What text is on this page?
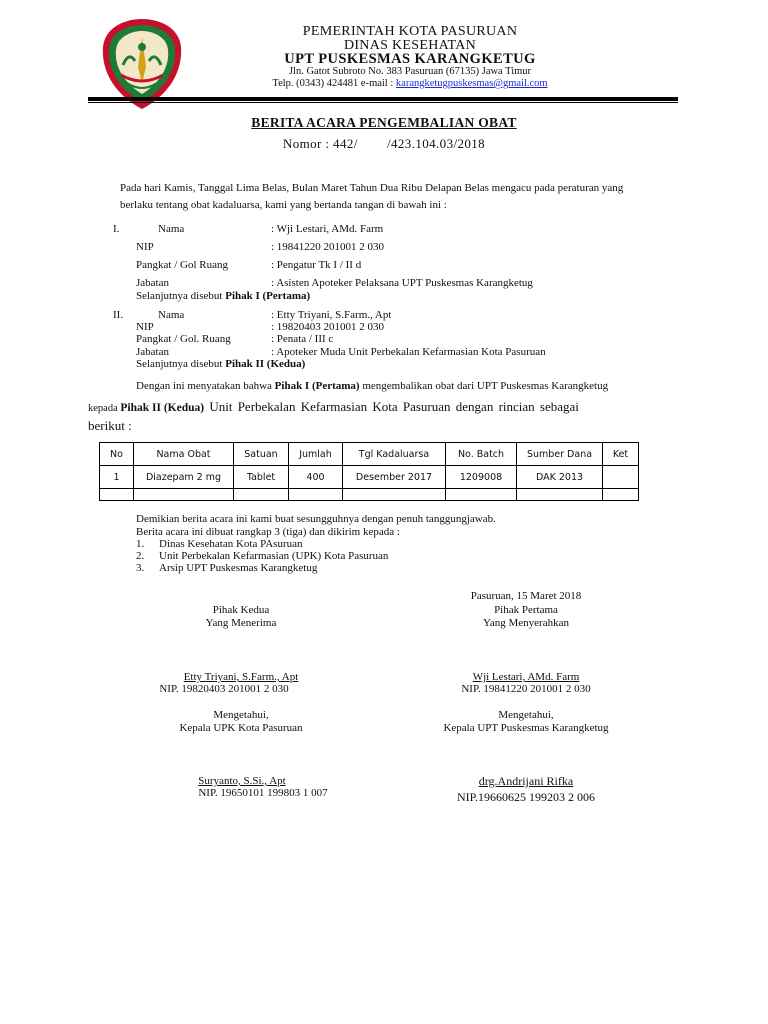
PEMERINTAH KOTA PASURUAN
DINAS KESEHATAN
UPT PUSKESMAS KARANGKETUG
Jln. Gatot Subroto No. 383 Pasuruan (67135) Jawa Timur
Telp. (0343) 424481 e-mail : karangketugpuskesmas@gmail.com
BERITA ACARA PENGEMBALIAN OBAT
Nomor : 442/        /423.104.03/2018
Pada hari Kamis, Tanggal Lima Belas, Bulan Maret Tahun Dua Ribu Delapan Belas mengacu pada peraturan yang
berlaku tentang obat kadaluarsa, kami yang bertanda tangan di bawah ini :
I.	Nama	: Wji Lestari, AMd. Farm
NIP	: 19841220 201001 2 030
Pangkat / Gol Ruang	: Pengatur Tk I / II d
Jabatan	: Asisten Apoteker Pelaksana UPT Puskesmas Karangketug
Selanjutnya disebut Pihak I (Pertama)
II.	Nama	: Etty Triyani, S.Farm., Apt
NIP	: 19820403 201001 2 030
Pangkat / Gol. Ruang	: Penata / III c
Jabatan	: Apoteker Muda Unit Perbekalan Kefarmasian Kota Pasuruan
Selanjutnya disebut Pihak II (Kedua)
Dengan ini menyatakan bahwa Pihak I (Pertama) mengembalikan obat dari UPT Puskesmas Karangketug
kepada Pihak II (Kedua) Unit Perbekalan Kefarmasian Kota Pasuruan dengan rincian sebagai
berikut :
No	Nama Obat	Satuan	Jumlah	Tgl Kadaluarsa	No. Batch	Sumber Dana	Ket
1	Diazepam 2 mg	Tablet	400	Desember 2017	1209008	DAK 2013	

Demikian berita acara ini kami buat sesungguhnya dengan penuh tanggungjawab.
Berita acara ini dibuat rangkap 3 (tiga) dan dikirim kepada :
1. Dinas Kesehatan Kota PAsuruan
2. Unit Perbekalan Kefarmasian (UPK) Kota Pasuruan
3. Arsip UPT Puskesmas Karangketug
Pasuruan, 15 Maret 2018
Pihak Kedua
Yang Menerima
Pihak Pertama
Yang Menyerahkan
Etty Triyani, S.Farm., Apt
NIP. 19820403 201001 2 030
Wji Lestari, AMd. Farm
NIP. 19841220 201001 2 030
Mengetahui,
Kepala UPK Kota Pasuruan
Mengetahui,
Kepala UPT Puskesmas Karangketug
Suryanto, S.Si., Apt
NIP. 19650101 199803 1 007
drg.Andrijani Rifka
NIP.19660625 199203 2 006
